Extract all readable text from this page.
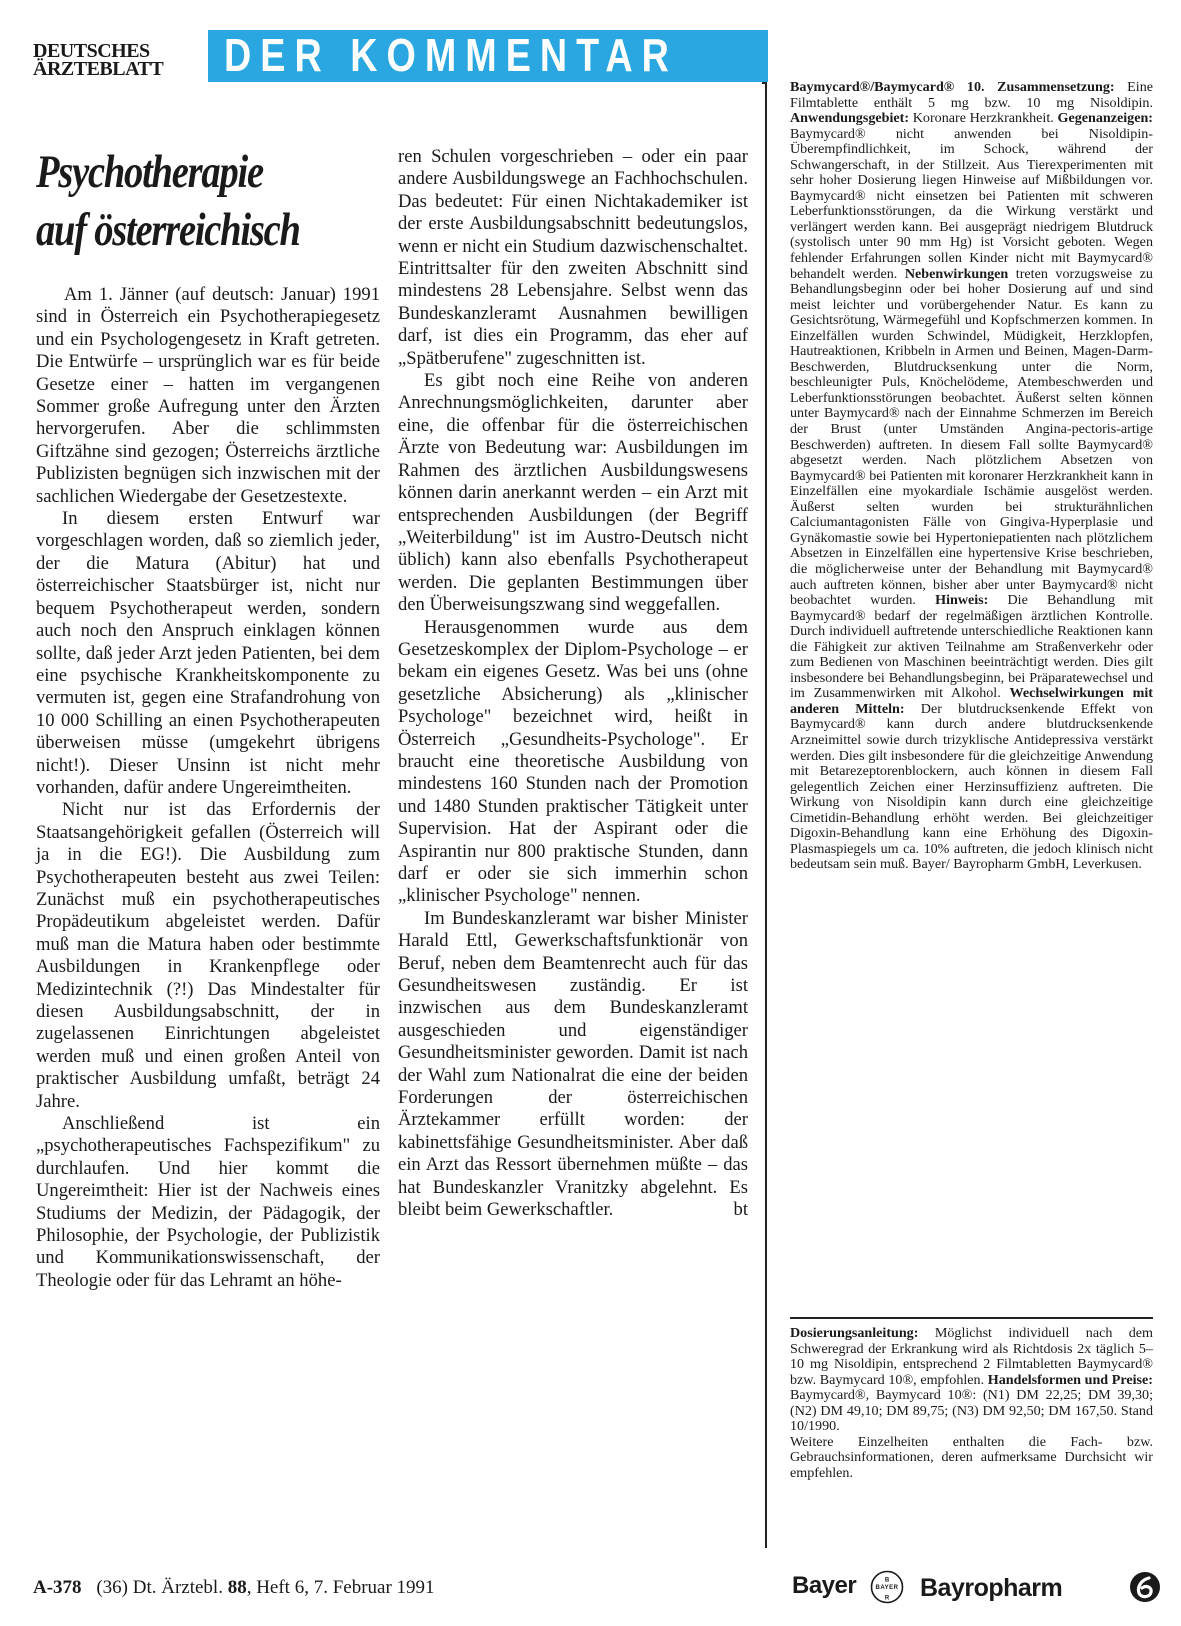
DEUTSCHES
ÄRZTEBLATT	DER KOMMENTAR
Psychotherapie
auf österreichisch

Am 1. Jänner (auf deutsch: Januar) 1991 sind in Österreich ein Psychotherapiegesetz und ein Psychologengesetz in Kraft getreten. Die Entwürfe – ursprünglich war es für beide Gesetze einer – hatten im vergangenen Sommer große Aufregung unter den Ärzten hervorgerufen. Aber die schlimmsten Giftzähne sind gezogen; Österreichs ärztliche Publizisten begnügen sich inzwischen mit der sachlichen Wiedergabe der Gesetzestexte.

In diesem ersten Entwurf war vorgeschlagen worden, daß so ziemlich jeder, der die Matura (Abitur) hat und österreichischer Staatsbürger ist, nicht nur bequem Psychotherapeut werden, sondern auch noch den Anspruch einklagen können sollte, daß jeder Arzt jeden Patienten, bei dem eine psychische Krankheitskomponente zu vermuten ist, gegen eine Strafandrohung von 10 000 Schilling an einen Psychotherapeuten überweisen müsse (umgekehrt übrigens nicht!). Dieser Unsinn ist nicht mehr vorhanden, dafür andere Ungereimtheiten.

Nicht nur ist das Erfordernis der Staatsangehörigkeit gefallen (Österreich will ja in die EG!). Die Ausbildung zum Psychotherapeuten besteht aus zwei Teilen: Zunächst muß ein psychotherapeutisches Propädeutikum abgeleistet werden. Dafür muß man die Matura haben oder bestimmte Ausbildungen in Krankenpflege oder Medizintechnik (?!) Das Mindestalter für diesen Ausbildungsabschnitt, der in zugelassenen Einrichtungen abgeleistet werden muß und einen großen Anteil von praktischer Ausbildung umfaßt, beträgt 24 Jahre.

Anschließend ist ein „psychotherapeutisches Fachspezifikum" zu durchlaufen. Und hier kommt die Ungereimtheit: Hier ist der Nachweis eines Studiums der Medizin, der Pädagogik, der Philosophie, der Psychologie, der Publizistik und Kommunikationswissenschaft, der Theologie oder für das Lehramt an höhe-

ren Schulen vorgeschrieben – oder ein paar andere Ausbildungswege an Fachhochschulen. Das bedeutet: Für einen Nichtakademiker ist der erste Ausbildungsabschnitt bedeutungslos, wenn er nicht ein Studium dazwischenschaltet. Eintrittsalter für den zweiten Abschnitt sind mindestens 28 Lebensjahre. Selbst wenn das Bundeskanzleramt Ausnahmen bewilligen darf, ist dies ein Programm, das eher auf „Spätberufene" zugeschnitten ist.

Es gibt noch eine Reihe von anderen Anrechnungsmöglichkeiten, darunter aber eine, die offenbar für die österreichischen Ärzte von Bedeutung war: Ausbildungen im Rahmen des ärztlichen Ausbildungswesens können darin anerkannt werden – ein Arzt mit entsprechenden Ausbildungen (der Begriff „Weiterbildung" ist im Austro-Deutsch nicht üblich) kann also ebenfalls Psychotherapeut werden. Die geplanten Bestimmungen über den Überweisungszwang sind weggefallen.

Herausgenommen wurde aus dem Gesetzeskomplex der Diplom-Psychologe – er bekam ein eigenes Gesetz. Was bei uns (ohne gesetzliche Absicherung) als „klinischer Psychologe" bezeichnet wird, heißt in Österreich „Gesundheits-Psychologe". Er braucht eine theoretische Ausbildung von mindestens 160 Stunden nach der Promotion und 1480 Stunden praktischer Tätigkeit unter Supervision. Hat der Aspirant oder die Aspirantin nur 800 praktische Stunden, dann darf er oder sie sich immerhin schon „klinischer Psychologe" nennen.

Im Bundeskanzleramt war bisher Minister Harald Ettl, Gewerkschaftsfunktionär von Beruf, neben dem Beamtenrecht auch für das Gesundheitswesen zuständig. Er ist inzwischen aus dem Bundeskanzleramt ausgeschieden und eigenständiger Gesundheitsminister geworden. Damit ist nach der Wahl zum Nationalrat die eine der beiden Forderungen der österreichischen Ärztekammer erfüllt worden: der kabinettsfähige Gesundheitsminister. Aber daß ein Arzt das Ressort übernehmen müßte – das hat Bundeskanzler Vranitzky abgelehnt. Es bleibt beim Gewerkschaftler.	bt

Baymycard®/Baymycard® 10. Zusammensetzung: Eine Filmtablette enthält 5 mg bzw. 10 mg Nisoldipin. Anwendungsgebiet: Koronare Herzkrankheit. Gegenanzeigen: Baymycard® nicht anwenden bei Nisoldipin-Überempfindlichkeit, im Schock, während der Schwangerschaft, in der Stillzeit. Aus Tierexperimenten mit sehr hoher Dosierung liegen Hinweise auf Mißbildungen vor. Baymycard® nicht einsetzen bei Patienten mit schweren Leberfunktionsstörungen, da die Wirkung verstärkt und verlängert werden kann. Bei ausgeprägt niedrigem Blutdruck (systolisch unter 90 mm Hg) ist Vorsicht geboten. Wegen fehlender Erfahrungen sollen Kinder nicht mit Baymycard® behandelt werden. Nebenwirkungen treten vorzugsweise zu Behandlungsbeginn oder bei hoher Dosierung auf und sind meist leichter und vorübergehender Natur. Es kann zu Gesichtsrötung, Wärmegefühl und Kopfschmerzen kommen. In Einzelfällen wurden Schwindel, Müdigkeit, Herzklopfen, Hautreaktionen, Kribbeln in Armen und Beinen, Magen-Darm-Beschwerden, Blutdrucksenkung unter die Norm, beschleunigter Puls, Knöchelödeme, Atembeschwerden und Leberfunktionsstörungen beobachtet. Äußerst selten können unter Baymycard® nach der Einnahme Schmerzen im Bereich der Brust (unter Umständen Angina-pectoris-artige Beschwerden) auftreten. In diesem Fall sollte Baymycard® abgesetzt werden. Nach plötzlichem Absetzen von Baymycard® bei Patienten mit koronarer Herzkrankheit kann in Einzelfällen eine myokardiale Ischämie ausgelöst werden. Äußerst selten wurden bei strukturähnlichen Calciumantagonisten Fälle von Gingiva-Hyperplasie und Gynäkomastie sowie bei Hypertoniepatienten nach plötzlichem Absetzen in Einzelfällen eine hypertensive Krise beschrieben, die möglicherweise unter der Behandlung mit Baymycard® auch auftreten können, bisher aber unter Baymycard® nicht beobachtet wurden. Hinweis: Die Behandlung mit Baymycard® bedarf der regelmäßigen ärztlichen Kontrolle. Durch individuell auftretende unterschiedliche Reaktionen kann die Fähigkeit zur aktiven Teilnahme am Straßenverkehr oder zum Bedienen von Maschinen beeinträchtigt werden. Dies gilt insbesondere bei Behandlungsbeginn, bei Präparatewechsel und im Zusammenwirken mit Alkohol. Wechselwirkungen mit anderen Mitteln: Der blutdrucksenkende Effekt von Baymycard® kann durch andere blutdrucksenkende Arzneimittel sowie durch trizyklische Antidepressiva verstärkt werden. Dies gilt insbesondere für die gleichzeitige Anwendung mit Betarezeptorenblockern, auch können in diesem Fall gelegentlich Zeichen einer Herzinsuffizienz auftreten. Die Wirkung von Nisoldipin kann durch eine gleichzeitige Cimetidin-Behandlung erhöht werden. Bei gleichzeitiger Digoxin-Behandlung kann eine Erhöhung des Digoxin-Plasmaspiegels um ca. 10% auftreten, die jedoch klinisch nicht bedeutsam sein muß. Bayer/ Bayropharm GmbH, Leverkusen.

Dosierungsanleitung: Möglichst individuell nach dem Schweregrad der Erkrankung wird als Richtdosis 2x täglich 5–10 mg Nisoldipin, entsprechend 2 Filmtabletten Baymycard® bzw. Baymycard 10®, empfohlen. Handelsformen und Preise: Baymycard®, Baymycard 10®: (N1) DM 22,25; DM 39,30; (N2) DM 49,10; DM 89,75; (N3) DM 92,50; DM 167,50. Stand 10/1990.

Weitere Einzelheiten enthalten die Fach- bzw. Gebrauchsinformationen, deren aufmerksame Durchsicht wir empfehlen.

A-378 (36) Dt. Ärztebl. 88, Heft 6, 7. Februar 1991	Bayer	B
R
BAYER Bayropharm
